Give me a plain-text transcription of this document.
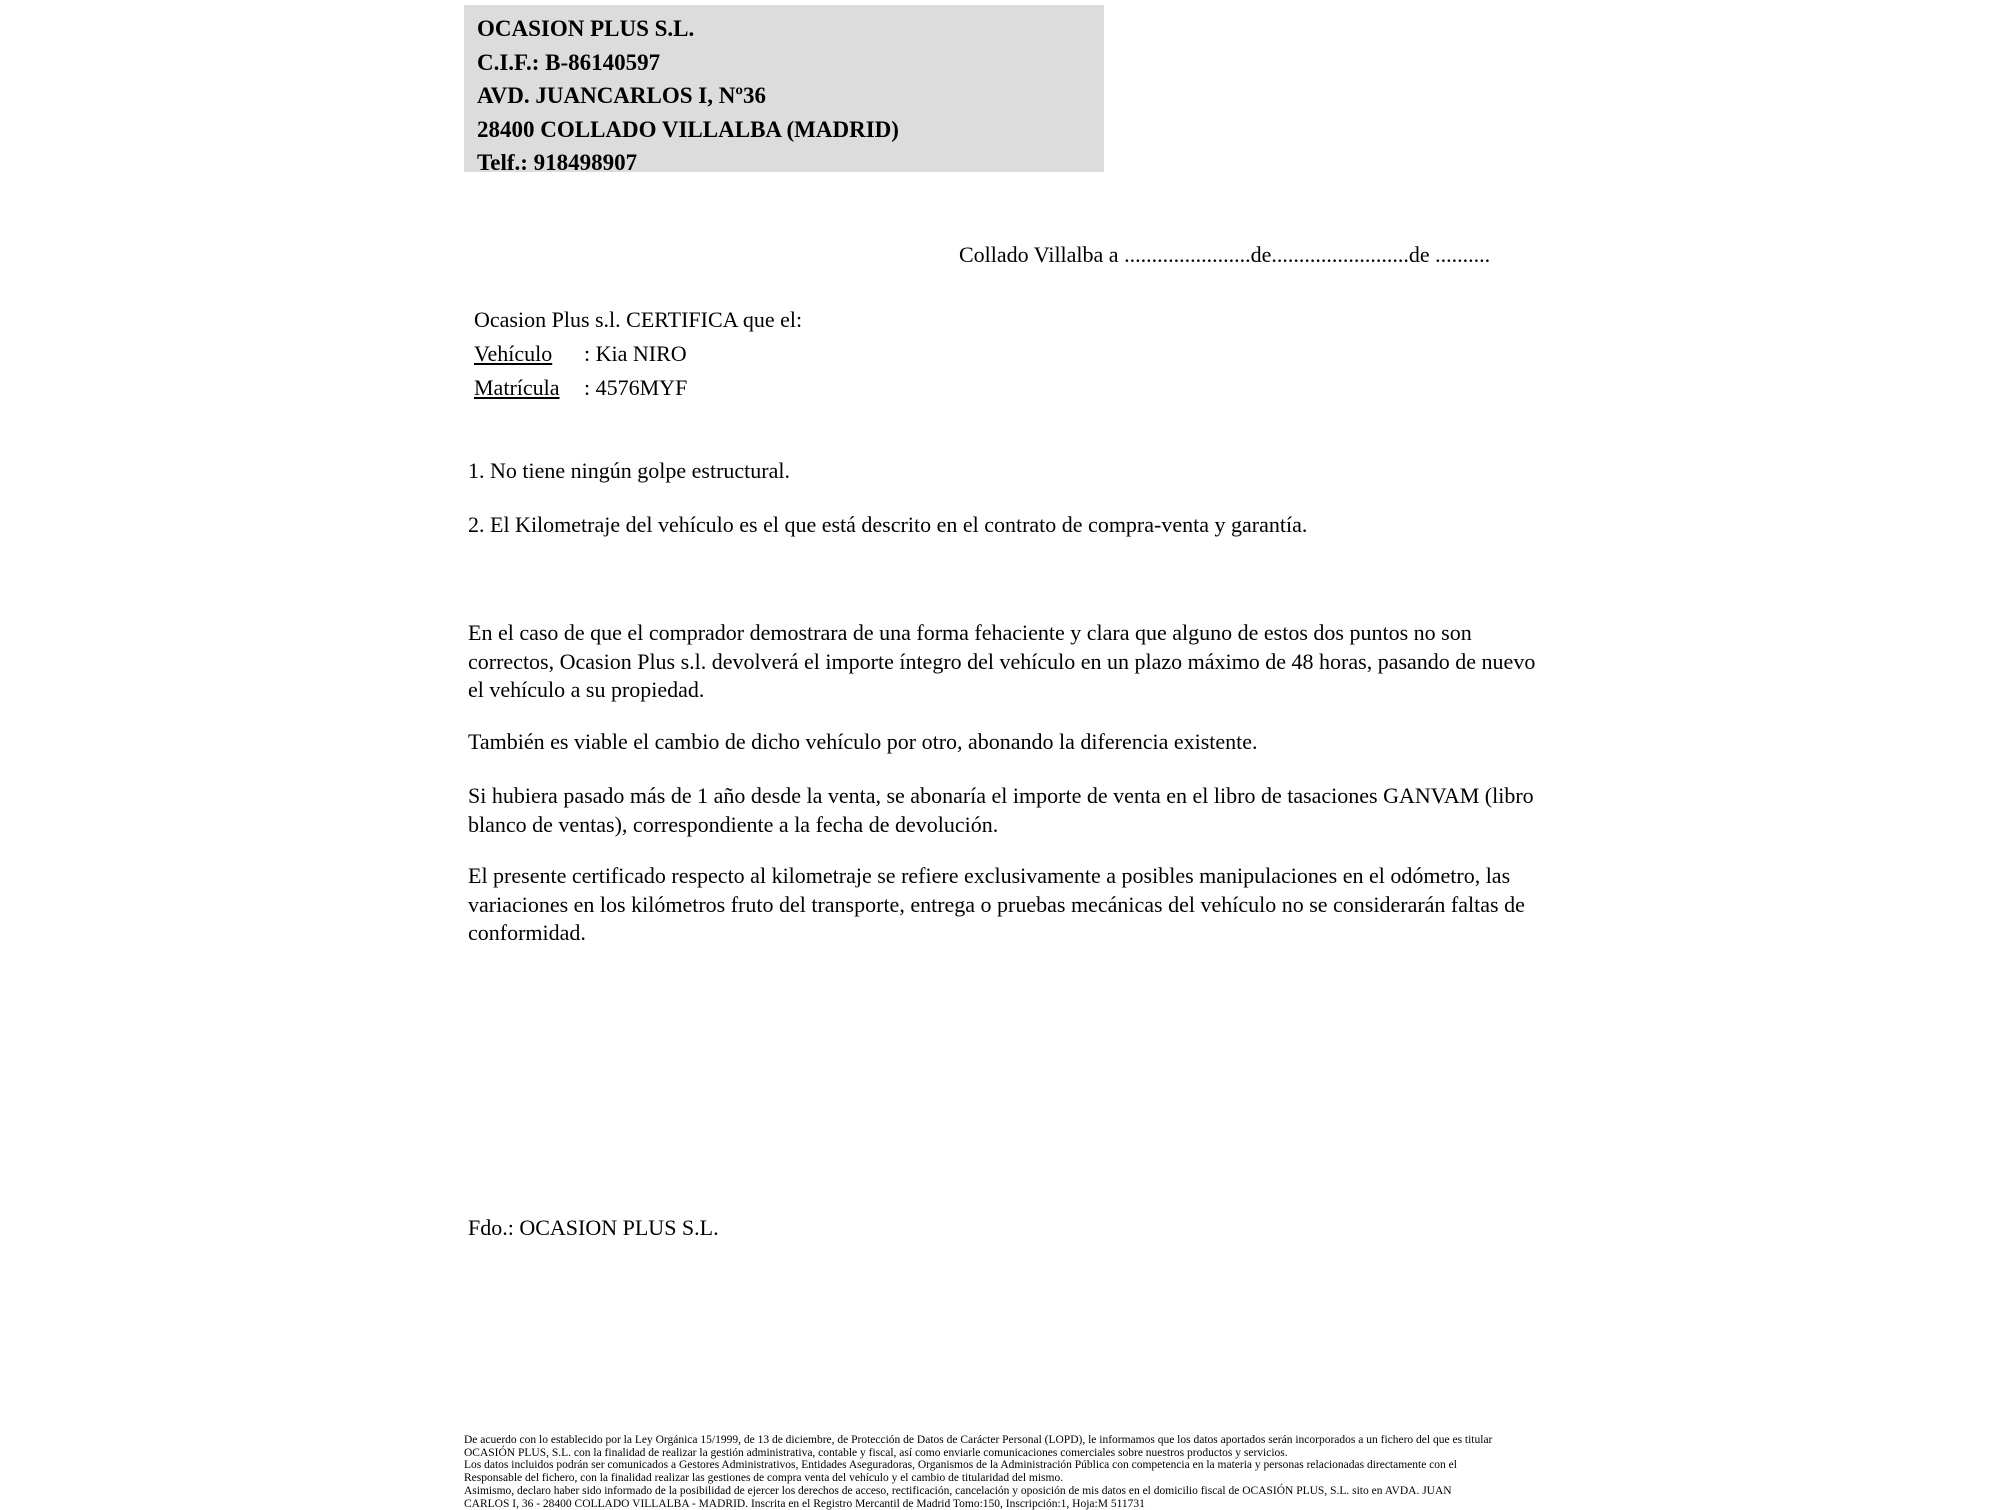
OCASION PLUS S.L.
C.I.F.: B-86140597
AVD. JUANCARLOS I, Nº36
28400 COLLADO VILLALBA (MADRID)
Telf.: 918498907
Collado Villalba a .......................de.........................de ..........
Ocasion Plus s.l. CERTIFICA que el:
Vehículo : Kia NIRO
Matrícula : 4576MYF
1. No tiene ningún golpe estructural.
2. El Kilometraje del vehículo es el que está descrito en el contrato de compra-venta y garantía.
En el caso de que el comprador demostrara de una forma fehaciente y clara que alguno de estos dos puntos no son correctos, Ocasion Plus s.l. devolverá el importe íntegro del vehículo en un plazo máximo de 48 horas, pasando de nuevo el vehículo a su propiedad.
También es viable el cambio de dicho vehículo por otro, abonando la diferencia existente.
Si hubiera pasado más de 1 año desde la venta, se abonaría el importe de venta en el libro de tasaciones GANVAM (libro blanco de ventas), correspondiente a la fecha de devolución.
El presente certificado respecto al kilometraje se refiere exclusivamente a posibles manipulaciones en el odómetro, las variaciones en los kilómetros fruto del transporte, entrega o pruebas mecánicas del vehículo no se considerarán faltas de conformidad.
Fdo.: OCASION PLUS S.L.
De acuerdo con lo establecido por la Ley Orgánica 15/1999, de 13 de diciembre, de Protección de Datos de Carácter Personal (LOPD), le informamos que los datos aportados serán incorporados a un fichero del que es titular
OCASIÓN PLUS, S.L. con la finalidad de realizar la gestión administrativa, contable y fiscal, así como enviarle comunicaciones comerciales sobre nuestros productos y servicios.
Los datos incluidos podrán ser comunicados a Gestores Administrativos, Entidades Aseguradoras, Organismos de la Administración Pública con competencia en la materia y personas relacionadas directamente con el
Responsable del fichero, con la finalidad realizar las gestiones de compra venta del vehículo y el cambio de titularidad del mismo.
Asimismo, declaro haber sido informado de la posibilidad de ejercer los derechos de acceso, rectificación, cancelación y oposición de mis datos en el domicilio fiscal de OCASIÓN PLUS, S.L. sito en AVDA. JUAN
CARLOS I, 36 - 28400 COLLADO VILLALBA - MADRID. Inscrita en el Registro Mercantil de Madrid Tomo:150, Inscripción:1, Hoja:M 511731
